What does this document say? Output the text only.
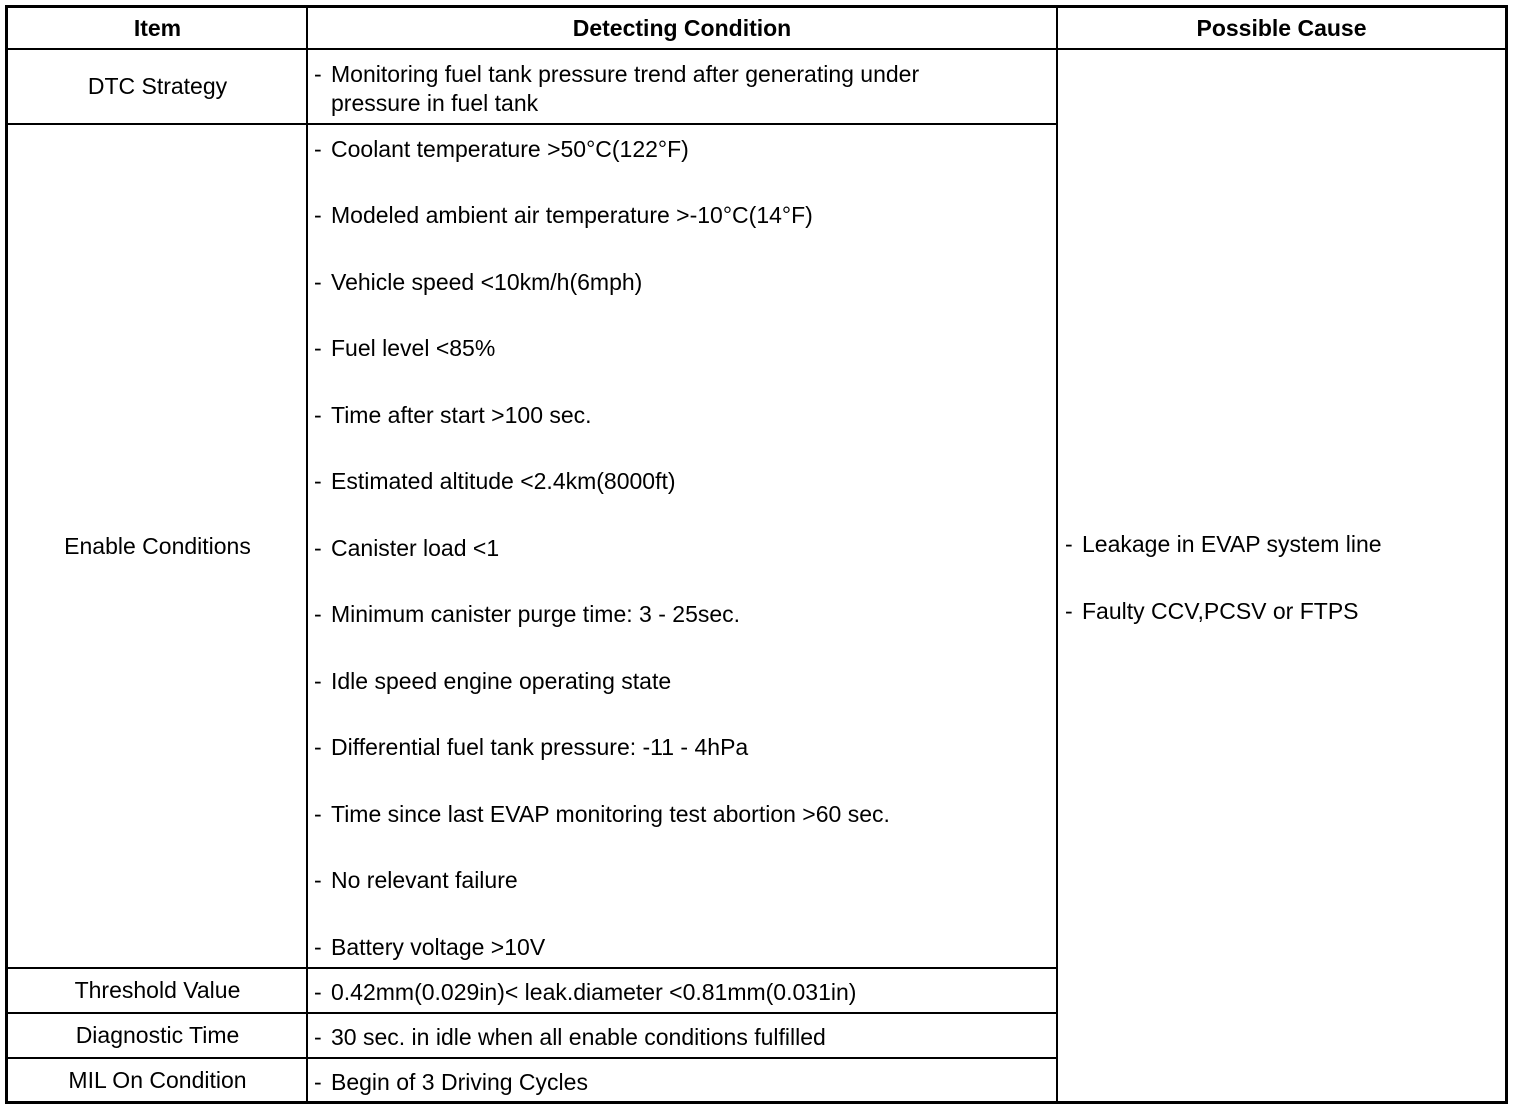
Item	Detecting Condition	Possible Cause
DTC Strategy
Enable Conditions
Threshold Value
Diagnostic Time
MIL On Condition
- Monitoring fuel tank pressure trend after generating under
pressure in fuel tank
- Coolant temperature >50°C(122°F)
- Modeled ambient air temperature >-10°C(14°F)
- Vehicle speed <10km/h(6mph)
- Fuel level <85%
- Time after start >100 sec.
- Estimated altitude <2.4km(8000ft)
- Canister load <1
- Minimum canister purge time: 3 - 25sec.
- Idle speed engine operating state
- Differential fuel tank pressure: -11 - 4hPa
- Time since last EVAP monitoring test abortion >60 sec.
- No relevant failure
- Battery voltage >10V
- 0.42mm(0.029in)< leak.diameter <0.81mm(0.031in)
- 30 sec. in idle when all enable conditions fulfilled
- Begin of 3 Driving Cycles
- Leakage in EVAP system line
- Faulty CCV,PCSV or FTPS
